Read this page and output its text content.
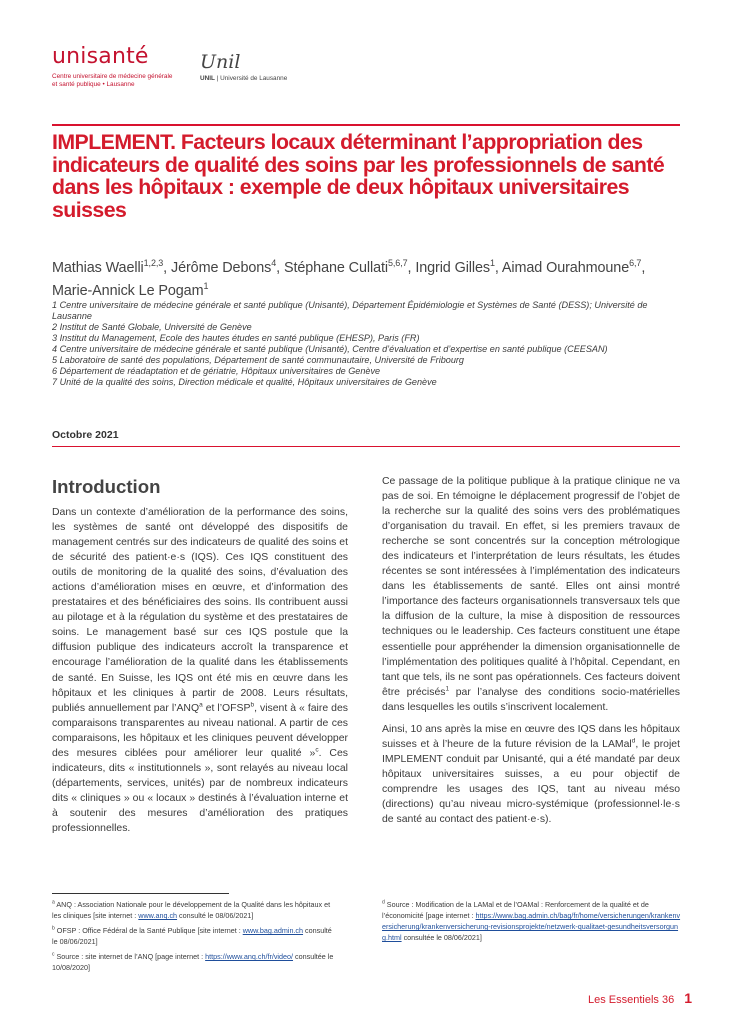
unisanté
Centre universitaire de médecine générale
et santé publique • Lausanne
Unil
UNIL | Université de Lausanne
IMPLEMENT. Facteurs locaux déterminant l’appropriation des indicateurs de qualité des soins par les professionnels de santé dans les hôpitaux : exemple de deux hôpitaux universitaires suisses
Mathias Waelli$^{1,2,3}$, Jérôme Debons$^4$, Stéphane Cullati$^{5,6,7}$, Ingrid Gilles$^1$, Aimad Ourahmoune$^{6,7}$, Marie-Annick Le Pogam$^1$
1 Centre universitaire de médecine générale et santé publique (Unisanté), Département Épidémiologie et Systèmes de Santé (DESS); Université de Lausanne
2 Institut de Santé Globale, Université de Genève
3 Institut du Management, Ecole des hautes études en santé publique (EHESP), Paris (FR)
4 Centre universitaire de médecine générale et santé publique (Unisanté), Centre d’évaluation et d’expertise en santé publique (CEESAN)
5 Laboratoire de santé des populations, Département de santé communautaire, Université de Fribourg
6 Département de réadaptation et de gériatrie, Hôpitaux universitaires de Genève
7 Unité de la qualité des soins, Direction médicale et qualité, Hôpitaux universitaires de Genève
Octobre 2021
Introduction

Dans un contexte d’amélioration de la performance des soins, les systèmes de santé ont développé des dispositifs de management centrés sur des indicateurs de qualité des soins et de sécurité des patient·e·s (IQS). Ces IQS constituent des outils de monitoring de la qualité des soins, d’évaluation des actions d’amélioration mises en œuvre, et d’information des prestataires et des bénéficiaires des soins. Ils contribuent aussi au pilotage et à la régulation du système et des prestataires de soins. Le management basé sur ces IQS postule que la diffusion publique des indicateurs accroît la transparence et encourage l’amélioration de la qualité dans les établissements de santé. En Suisse, les IQS ont été mis en œuvre dans les hôpitaux et les cliniques à partir de 2008. Leurs résultats, publiés annuellement par l’ANQ$^a$ et l’OFSP$^b$, visent à « faire des comparaisons transparentes au niveau national. A partir de ces comparaisons, les hôpitaux et les cliniques peuvent développer des mesures ciblées pour améliorer leur qualité »$^c$. Ces indicateurs, dits « institutionnels », sont relayés au niveau local (départements, services, unités) par de nombreux indicateurs dits « cliniques » ou « locaux » destinés à l’évaluation interne et à soutenir des mesures d’amélioration des pratiques professionnelles.

Ce passage de la politique publique à la pratique clinique ne va pas de soi. En témoigne le déplacement progressif de l’objet de la recherche sur la qualité des soins vers des problématiques d’organisation du travail. En effet, si les premiers travaux de recherche se sont concentrés sur la conception métrologique des indicateurs et l’interprétation de leurs résultats, les études récentes se sont intéressées à l’implémentation des indicateurs dans les établissements de santé. Elles ont ainsi montré l’importance des facteurs organisationnels transversaux tels que la diffusion de la culture, la mise à disposition de ressources techniques ou le leadership. Ces facteurs constituent une étape essentielle pour appréhender la dimension organisationnelle de l’implémentation des politiques qualité à l’hôpital. Cependant, en tant que tels, ils ne sont pas opérationnels. Ces facteurs doivent être précisés$^1$ par l’analyse des conditions socio-matérielles dans lesquelles les outils s’inscrivent localement.

Ainsi, 10 ans après la mise en œuvre des IQS dans les hôpitaux suisses et à l’heure de la future révision de la LAMal$^d$, le projet IMPLEMENT conduit par Unisanté, qui a été mandaté par deux hôpitaux universitaires suisses, a eu pour objectif de comprendre les usages des IQS, tant au niveau méso (directions) qu’au niveau micro-systémique (professionnel·le·s de santé au contact des patient·e·s).

$^a$ ANQ : Association Nationale pour le développement de la Qualité dans les hôpitaux et les cliniques [site internet : www.anq.ch consulté le 08/06/2021]

$^b$ OFSP : Office Fédéral de la Santé Publique [site internet : www.bag.admin.ch consulté le 08/06/2021]

$^c$ Source : site internet de l’ANQ [page internet : https://www.anq.ch/fr/video/ consultée le 10/08/2020]

$^d$ Source : Modification de la LAMal et de l’OAMal : Renforcement de la qualité et de l’économicité [page internet : https://www.bag.admin.ch/bag/fr/home/versicherungen/krankenversicherung/krankenversicherung-revisionsprojekte/netzwerk-qualitaet-gesundheitsversorgung.html consultée le 08/06/2021]

Les Essentiels 36 1
